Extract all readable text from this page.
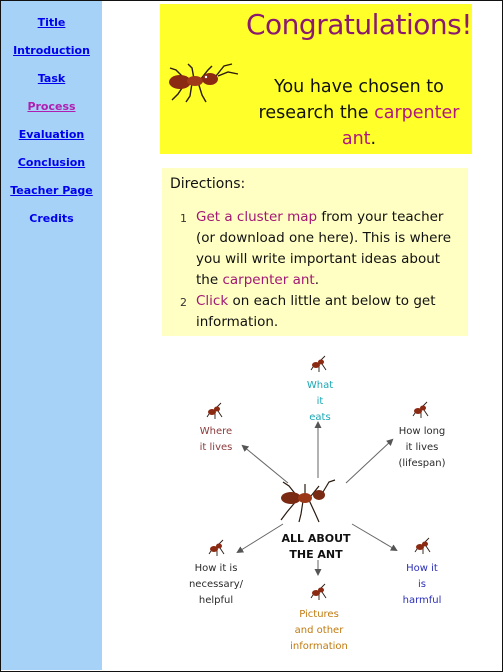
Title
Introduction
Task
Process
Evaluation
Conclusion
Teacher Page
Credits
Congratulations!
You have chosen to research the carpenter ant.
Directions:
1 Get a cluster map from your teacher (or download one here). This is where you will write important ideas about the carpenter ant.
2 Click on each little ant below to get information.
ALL ABOUT
THE ANT
What
it
eats
Where
it lives
How long
it lives
(lifespan)
How it is
necessary/
helpful
How it
is
harmful
Pictures
and other
information
